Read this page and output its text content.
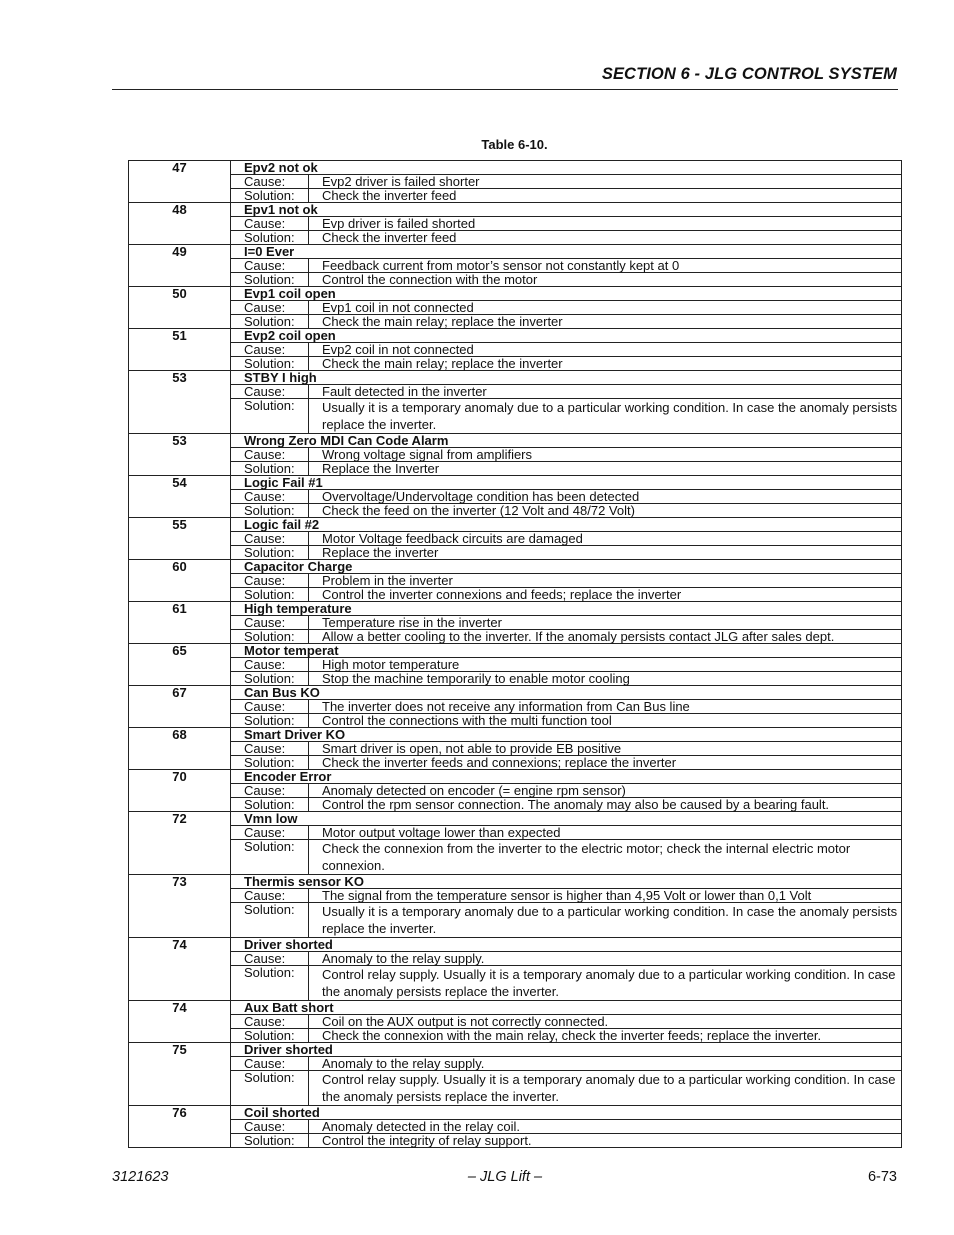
SECTION 6 - JLG CONTROL SYSTEM
Table 6-10.
47	Epv2 not ok	
	Cause:	Evp2 driver is failed shorter
	Solution:	Check the inverter feed
48	Epv1 not ok	
	Cause:	Evp driver is failed shorted
	Solution:	Check the inverter feed
49	I=0 Ever	
	Cause:	Feedback current from motor’s sensor not constantly kept at 0
	Solution:	Control the connection with the motor
50	Evp1 coil open	
	Cause:	Evp1 coil in not connected
	Solution:	Check the main relay; replace the inverter
51	Evp2 coil open	
	Cause:	Evp2 coil in not connected
	Solution:	Check the main relay; replace the inverter
53	STBY I high	
	Cause:	Fault detected in the inverter
	Solution:	Usually it is a temporary anomaly due to a particular working condition. In case the anomaly persists replace the inverter.
53	Wrong Zero MDI Can Code Alarm	
	Cause:	Wrong voltage signal from amplifiers
	Solution:	Replace the Inverter
54	Logic Fail #1	
	Cause:	Overvoltage/Undervoltage condition has been detected
	Solution:	Check the feed on the inverter (12 Volt and 48/72 Volt)
55	Logic fail #2	
	Cause:	Motor Voltage feedback circuits are damaged
	Solution:	Replace the inverter
60	Capacitor Charge	
	Cause:	Problem in the inverter
	Solution:	Control the inverter connexions and feeds; replace the inverter
61	High temperature	
	Cause:	Temperature rise in the inverter
	Solution:	Allow a better cooling to the inverter. If the anomaly persists contact JLG after sales dept.
65	Motor temperat	
	Cause:	High motor temperature
	Solution:	Stop the machine temporarily to enable motor cooling
67	Can Bus KO	
	Cause:	The inverter does not receive any information from Can Bus line
	Solution:	Control the connections with the multi function tool
68	Smart Driver KO	
	Cause:	Smart driver is open, not able to provide EB positive
	Solution:	Check the inverter feeds and connexions; replace the inverter
70	Encoder Error	
	Cause:	Anomaly detected on encoder (= engine rpm sensor)
	Solution:	Control the rpm sensor connection. The anomaly may also be caused by a bearing fault.
72	Vmn low	
	Cause:	Motor output voltage lower than expected
	Solution:	Check the connexion from the inverter to the electric motor; check the internal electric motor connexion.
73	Thermis sensor KO	
	Cause:	The signal from the temperature sensor is higher than 4,95 Volt or lower than 0,1 Volt
	Solution:	Usually it is a temporary anomaly due to a particular working condition. In case the anomaly persists replace the inverter.
74	Driver shorted	
	Cause:	Anomaly to the relay supply.
	Solution:	Control relay supply. Usually it is a temporary anomaly due to a particular working condition. In case the anomaly persists replace the inverter.
74	Aux Batt short	
	Cause:	Coil on the AUX output is not correctly connected.
	Solution:	Check the connexion with the main relay, check the inverter feeds; replace the inverter.
75	Driver shorted	
	Cause:	Anomaly to the relay supply.
	Solution:	Control relay supply. Usually it is a temporary anomaly due to a particular working condition. In case the anomaly persists replace the inverter.
76	Coil shorted	
	Cause:	Anomaly detected in the relay coil.
	Solution:	Control the integrity of relay support.
3121623	– JLG Lift –	6-73
